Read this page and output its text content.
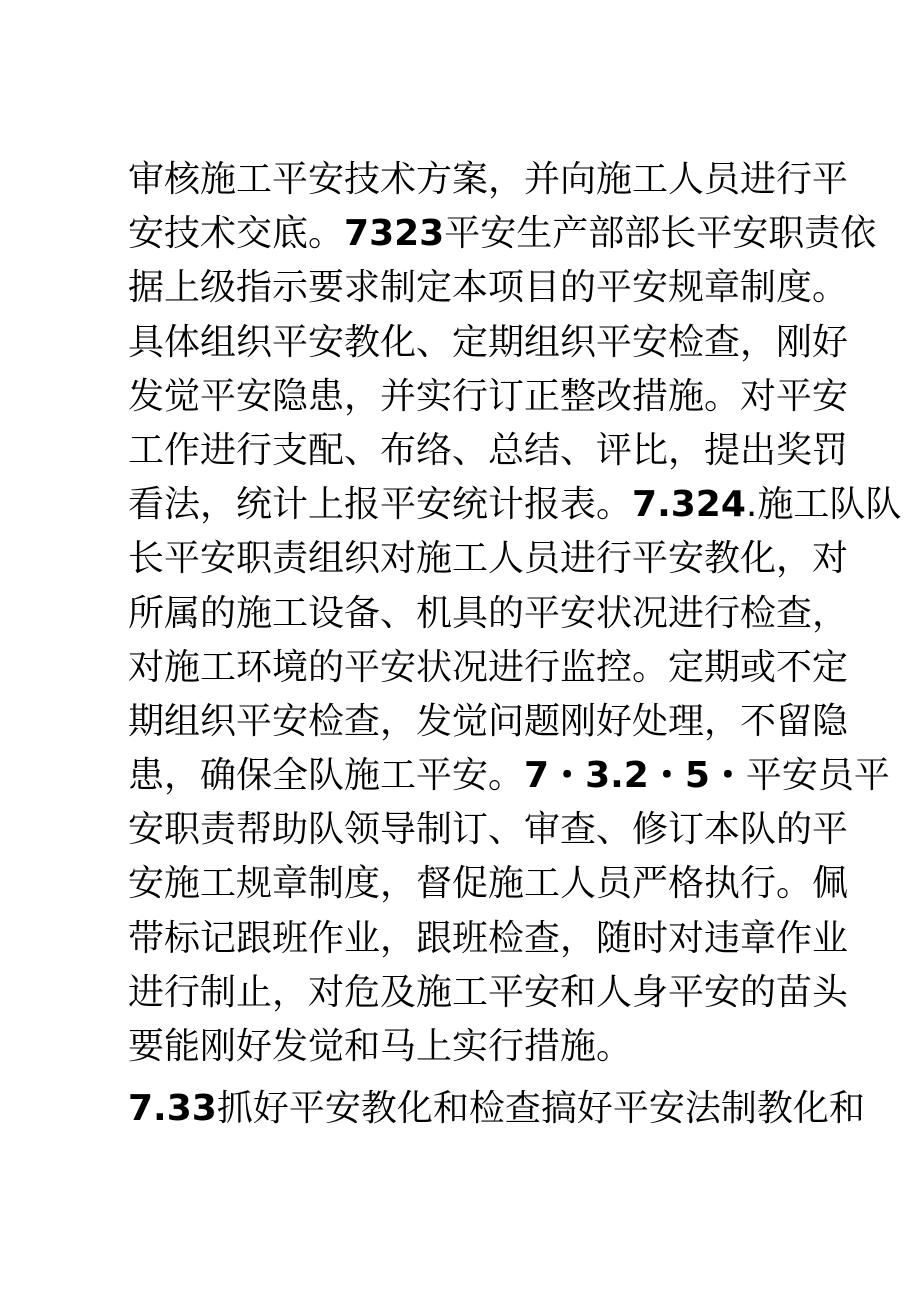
审核施工平安技术方案，并向施工人员进行平
安技术交底。7323平安生产部部长平安职责依
据上级指示要求制定本项目的平安规章制度。
具体组织平安教化、定期组织平安检查，刚好
发觉平安隐患，并实行订正整改措施。对平安
工作进行支配、布络、总结、评比，提出奖罚
看法，统计上报平安统计报表。7.324.施工队队
长平安职责组织对施工人员进行平安教化，对
所属的施工设备、机具的平安状况进行检查，
对施工环境的平安状况进行监控。定期或不定
期组织平安检查，发觉问题刚好处理，不留隐
患，确保全队施工平安。7・3.2・5・平安员平
安职责帮助队领导制订、审查、修订本队的平
安施工规章制度，督促施工人员严格执行。佩
带标记跟班作业，跟班检查，随时对违章作业
进行制止，对危及施工平安和人身平安的苗头
要能刚好发觉和马上实行措施。

7.33抓好平安教化和检查搞好平安法制教化和
